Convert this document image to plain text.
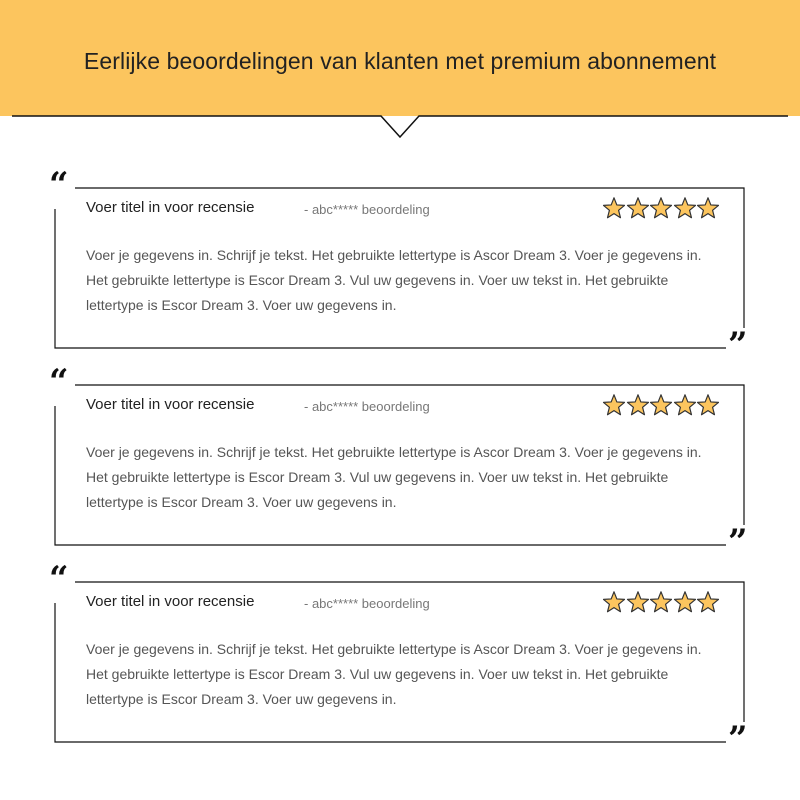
Eerlijke beoordelingen van klanten met premium abonnement
“
”
Voer titel in voor recensie	- abc***** beoordeling

Voer je gegevens in. Schrijf je tekst. Het gebruikte lettertype is Ascor Dream 3. Voer je gegevens in. Het gebruikte lettertype is Escor Dream 3. Vul uw gegevens in. Voer uw tekst in. Het gebruikte lettertype is Escor Dream 3. Voer uw gegevens in.

“
”
Voer titel in voor recensie	- abc***** beoordeling

Voer je gegevens in. Schrijf je tekst. Het gebruikte lettertype is Ascor Dream 3. Voer je gegevens in. Het gebruikte lettertype is Escor Dream 3. Vul uw gegevens in. Voer uw tekst in. Het gebruikte lettertype is Escor Dream 3. Voer uw gegevens in.

“
”
Voer titel in voor recensie	- abc***** beoordeling

Voer je gegevens in. Schrijf je tekst. Het gebruikte lettertype is Ascor Dream 3. Voer je gegevens in. Het gebruikte lettertype is Escor Dream 3. Vul uw gegevens in. Voer uw tekst in. Het gebruikte lettertype is Escor Dream 3. Voer uw gegevens in.
